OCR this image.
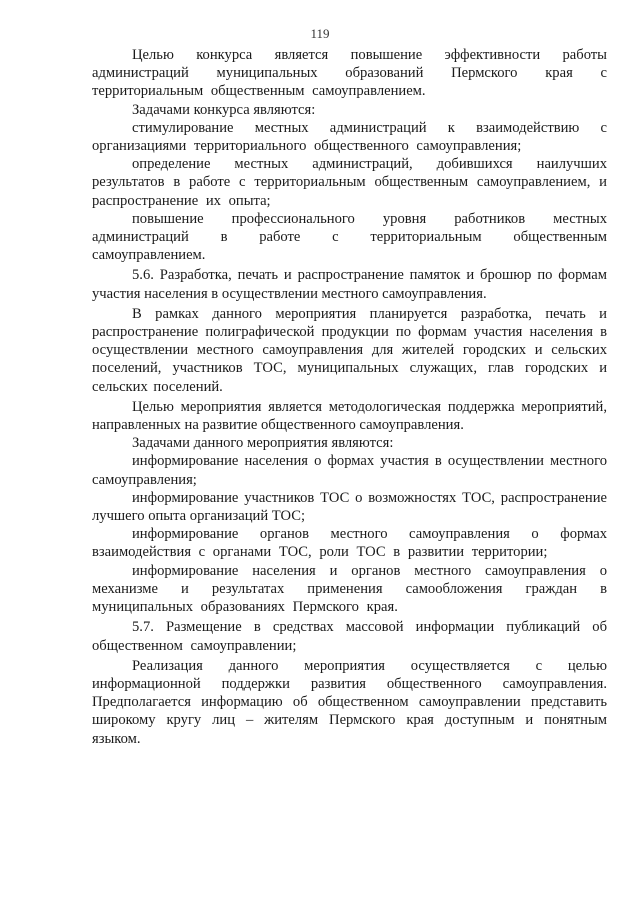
119

Целью конкурса является повышение эффективности работы администраций муниципальных образований Пермского края с территориальным общественным самоуправлением.

Задачами конкурса являются:

стимулирование местных администраций к взаимодействию с организациями территориального общественного самоуправления;

определение местных администраций, добившихся наилучших результатов в работе с территориальным общественным самоуправлением, и распространение их опыта;

повышение профессионального уровня работников местных администраций в работе с территориальным общественным самоуправлением.

5.6. Разработка, печать и распространение памяток и брошюр по формам участия населения в осуществлении местного самоуправления.

В рамках данного мероприятия планируется разработка, печать и распространение полиграфической продукции по формам участия населения в осуществлении местного самоуправления для жителей городских и сельских поселений, участников ТОС, муниципальных служащих, глав городских и сельских поселений.

Целью мероприятия является методологическая поддержка мероприятий, направленных на развитие общественного самоуправления.

Задачами данного мероприятия являются:

информирование населения о формах участия в осуществлении местного самоуправления;

информирование участников ТОС о возможностях ТОС, распространение лучшего опыта организаций ТОС;

информирование органов местного самоуправления о формах взаимодействия с органами ТОС, роли ТОС в развитии территории;

информирование населения и органов местного самоуправления о механизме и результатах применения самообложения граждан в муниципальных образованиях Пермского края.

5.7. Размещение в средствах массовой информации публикаций об общественном самоуправлении;

Реализация данного мероприятия осуществляется с целью информационной поддержки развития общественного самоуправления. Предполагается информацию об общественном самоуправлении представить широкому кругу лиц – жителям Пермского края доступным и понятным языком.
